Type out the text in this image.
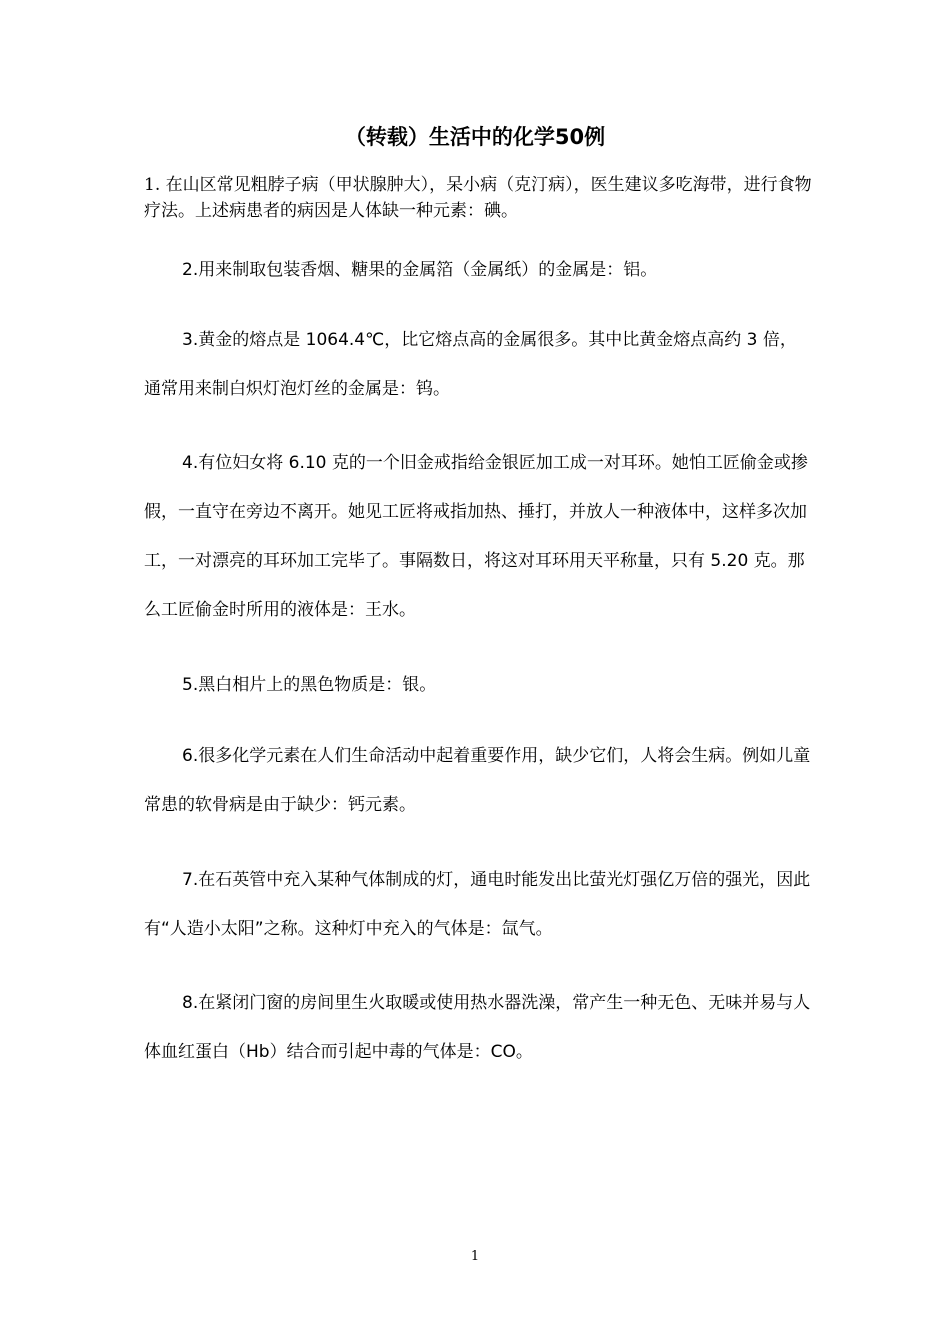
（转载）生活中的化学50例
1. 在山区常见粗脖子病（甲状腺肿大），呆小病（克汀病），医生建议多吃海带，进行食物疗法。上述病患者的病因是人体缺一种元素：碘。
2.用来制取包装香烟、糖果的金属箔（金属纸）的金属是：铝。
3.黄金的熔点是 1064.4℃，比它熔点高的金属很多。其中比黄金熔点高约 3 倍，通常用来制白炽灯泡灯丝的金属是：钨。
4.有位妇女将 6.10 克的一个旧金戒指给金银匠加工成一对耳环。她怕工匠偷金或掺假，一直守在旁边不离开。她见工匠将戒指加热、捶打，并放人一种液体中，这样多次加工，一对漂亮的耳环加工完毕了。事隔数日，将这对耳环用天平称量，只有 5.20 克。那么工匠偷金时所用的液体是：王水。
5.黑白相片上的黑色物质是：银。
6.很多化学元素在人们生命活动中起着重要作用，缺少它们，人将会生病。例如儿童常患的软骨病是由于缺少：钙元素。
7.在石英管中充入某种气体制成的灯，通电时能发出比萤光灯强亿万倍的强光，因此有“人造小太阳”之称。这种灯中充入的气体是：氙气。
8.在紧闭门窗的房间里生火取暖或使用热水器洗澡，常产生一种无色、无味并易与人体血红蛋白（Hb）结合而引起中毒的气体是：CO。
1
